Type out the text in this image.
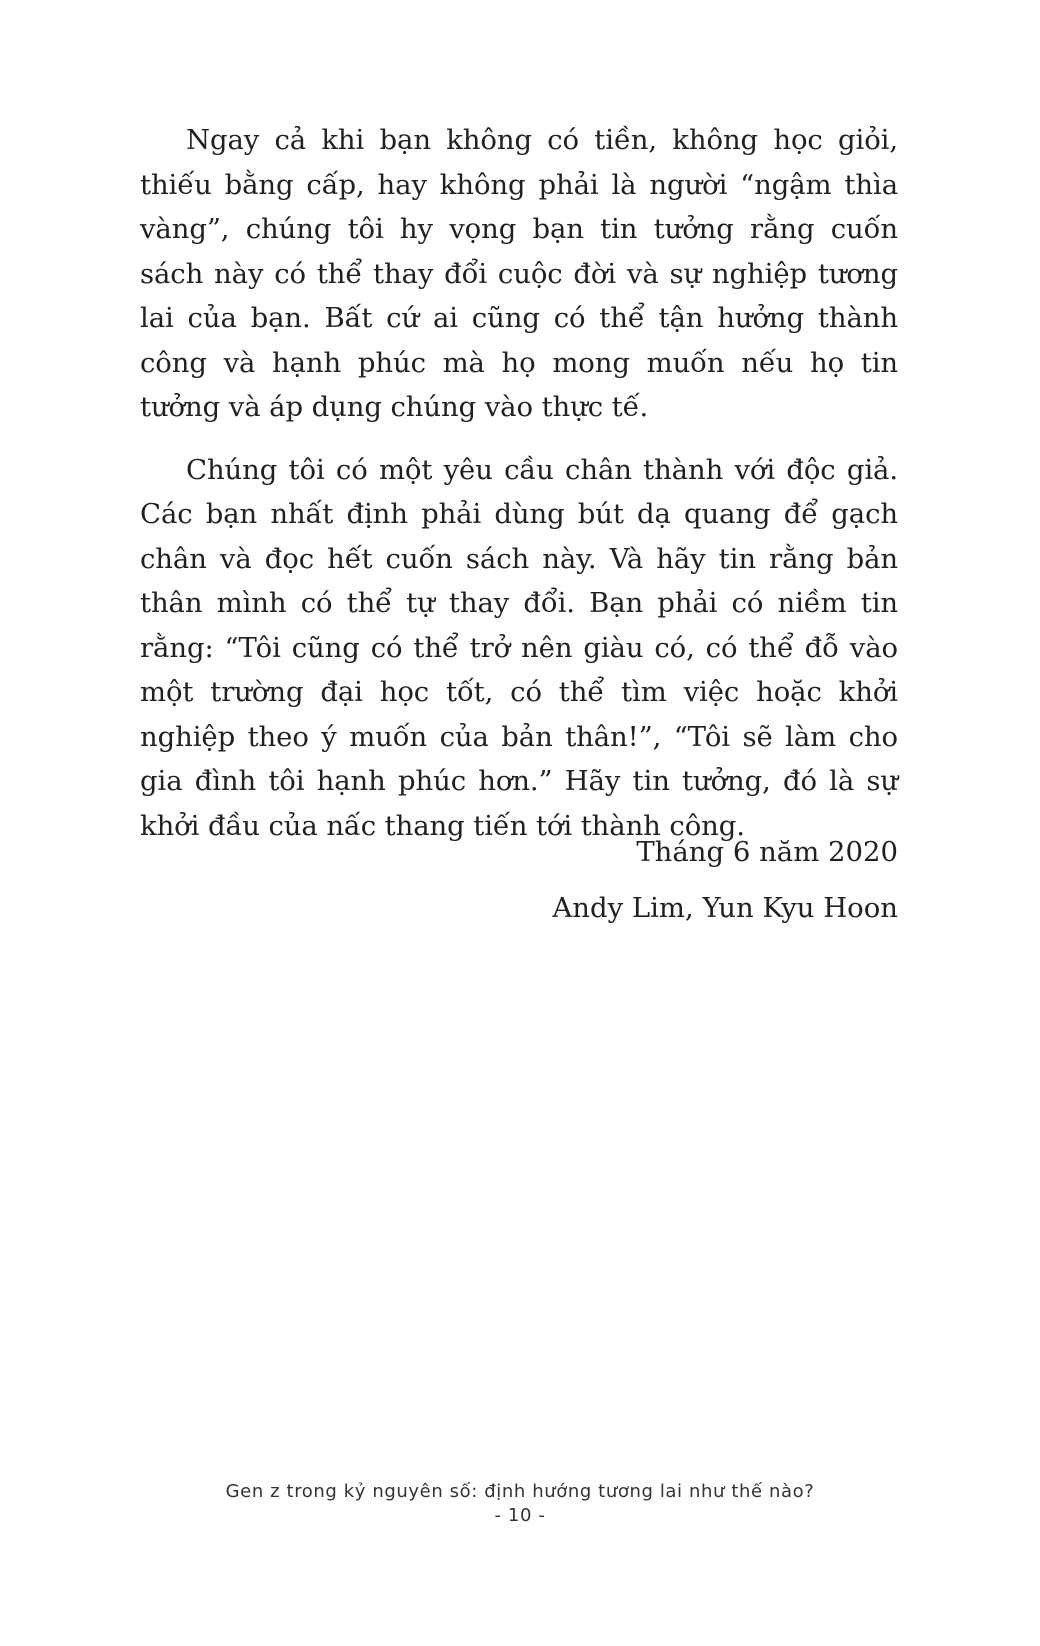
Ngay cả khi bạn không có tiền, không học giỏi, thiếu bằng cấp, hay không phải là người “ngậm thìa vàng”, chúng tôi hy vọng bạn tin tưởng rằng cuốn sách này có thể thay đổi cuộc đời và sự nghiệp tương lai của bạn. Bất cứ ai cũng có thể tận hưởng thành công và hạnh phúc mà họ mong muốn nếu họ tin tưởng và áp dụng chúng vào thực tế.

Chúng tôi có một yêu cầu chân thành với độc giả. Các bạn nhất định phải dùng bút dạ quang để gạch chân và đọc hết cuốn sách này. Và hãy tin rằng bản thân mình có thể tự thay đổi. Bạn phải có niềm tin rằng: “Tôi cũng có thể trở nên giàu có, có thể đỗ vào một trường đại học tốt, có thể tìm việc hoặc khởi nghiệp theo ý muốn của bản thân!”, “Tôi sẽ làm cho gia đình tôi hạnh phúc hơn.” Hãy tin tưởng, đó là sự khởi đầu của nấc thang tiến tới thành công.

Tháng 6 năm 2020
Andy Lim, Yun Kyu Hoon
Gen z trong kỷ nguyên số: định hướng tương lai như thế nào?
- 10 -
